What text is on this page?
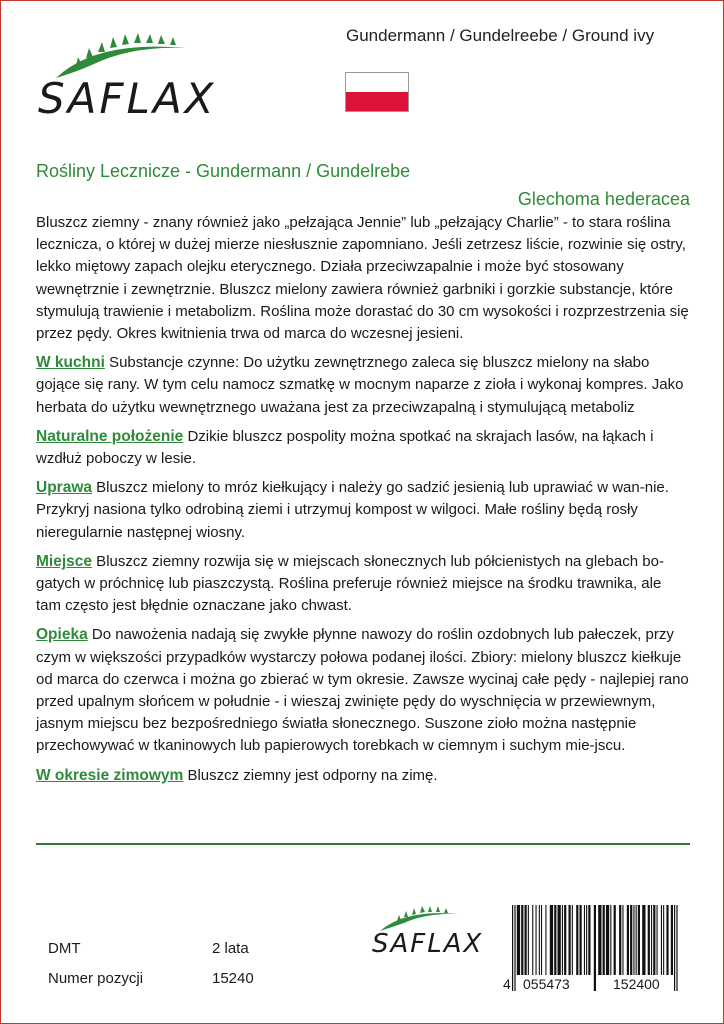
SAFLAX
Gundermann / Gundelreebe / Ground ivy
Rośliny Lecznicze - Gundermann / Gundelrebe
Glechoma hederacea

Bluszcz ziemny - znany również jako „pełzająca Jennie” lub „pełzający Charlie” - to stara roślina lecznicza, o której w dużej mierze niesłusznie zapomniano. Jeśli zetrzesz liście, rozwinie się ostry, lekko miętowy zapach olejku eterycznego. Działa przeciwzapalnie i może być stosowany wewnętrznie i zewnętrznie. Bluszcz mielony zawiera również garbniki i gorzkie substancje, które stymulują trawienie i metabolizm. Roślina może dorastać do 30 cm wysokości i rozprzestrzenia się przez pędy. Okres kwitnienia trwa od marca do wczesnej jesieni.

W kuchni Substancje czynne: Do użytku zewnętrznego zaleca się bluszcz mielony na słabo gojące się rany. W tym celu namocz szmatkę w mocnym naparze z zioła i wykonaj kompres. Jako herbata do użytku wewnętrznego uważana jest za przeciwzapalną i stymulującą metaboliz

Naturalne położenie Dzikie bluszcz pospolity można spotkać na skrajach lasów, na łąkach i wzdłuż poboczy w lesie.

Uprawa Bluszcz mielony to mróz kiełkujący i należy go sadzić jesienią lub uprawiać w wan-nie. Przykryj nasiona tylko odrobiną ziemi i utrzymuj kompost w wilgoci. Małe rośliny będą rosły nieregularnie następnej wiosny.

Miejsce Bluszcz ziemny rozwija się w miejscach słonecznych lub półcienistych na glebach bo-gatych w próchnicę lub piaszczystą. Roślina preferuje również miejsce na środku trawnika, ale tam często jest błędnie oznaczane jako chwast.

Opieka Do nawożenia nadają się zwykłe płynne nawozy do roślin ozdobnych lub pałeczek, przy czym w większości przypadków wystarczy połowa podanej ilości. Zbiory: mielony bluszcz kiełkuje od marca do czerwca i można go zbierać w tym okresie. Zawsze wycinaj całe pędy - najlepiej rano przed upalnym słońcem w południe - i wieszaj zwinięte pędy do wyschnięcia w przewiewnym, jasnym miejscu bez bezpośredniego światła słonecznego. Suszone zioło można następnie przechowywać w tkaninowych lub papierowych torebkach w ciemnym i suchym mie-jscu.

W okresie zimowym Bluszcz ziemny jest odporny na zimę.

DMT	2 lata
Numer pozycji	15240
SAFLAX
4 055473	152400
